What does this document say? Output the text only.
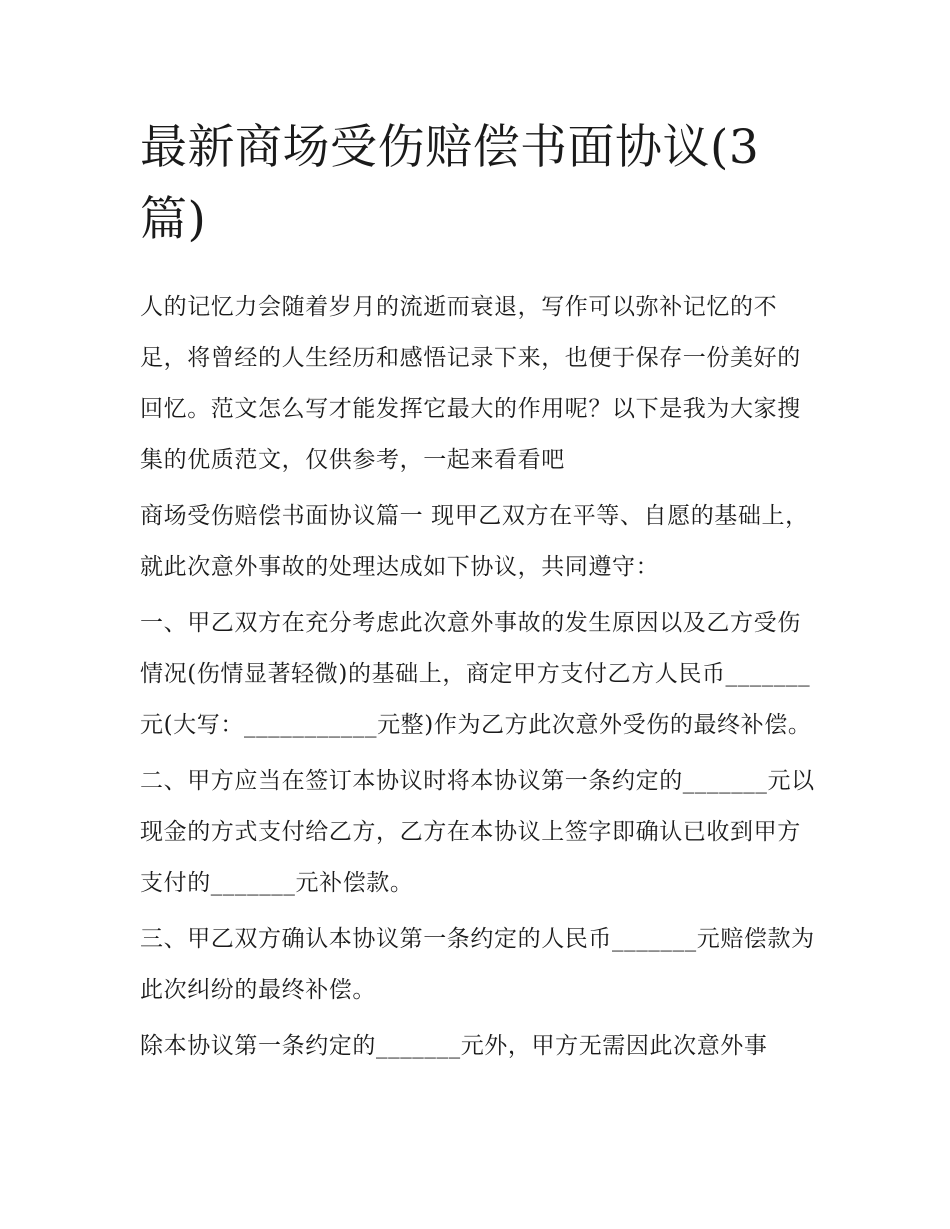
最新商场受伤赔偿书面协议(3篇)

人的记忆力会随着岁月的流逝而衰退，写作可以弥补记忆的不足，将曾经的人生经历和感悟记录下来，也便于保存一份美好的回忆。范文怎么写才能发挥它最大的作用呢？以下是我为大家搜集的优质范文，仅供参考，一起来看看吧

商场受伤赔偿书面协议篇一 现甲乙双方在平等、自愿的基础上，就此次意外事故的处理达成如下协议，共同遵守：

一、甲乙双方在充分考虑此次意外事故的发生原因以及乙方受伤情况(伤情显著轻微)的基础上，商定甲方支付乙方人民币_______元(大写：___________元整)作为乙方此次意外受伤的最终补偿。

二、甲方应当在签订本协议时将本协议第一条约定的_______元以现金的方式支付给乙方，乙方在本协议上签字即确认已收到甲方支付的_______元补偿款。

三、甲乙双方确认本协议第一条约定的人民币_______元赔偿款为此次纠纷的最终补偿。

除本协议第一条约定的_______元外，甲方无需因此次意外事
